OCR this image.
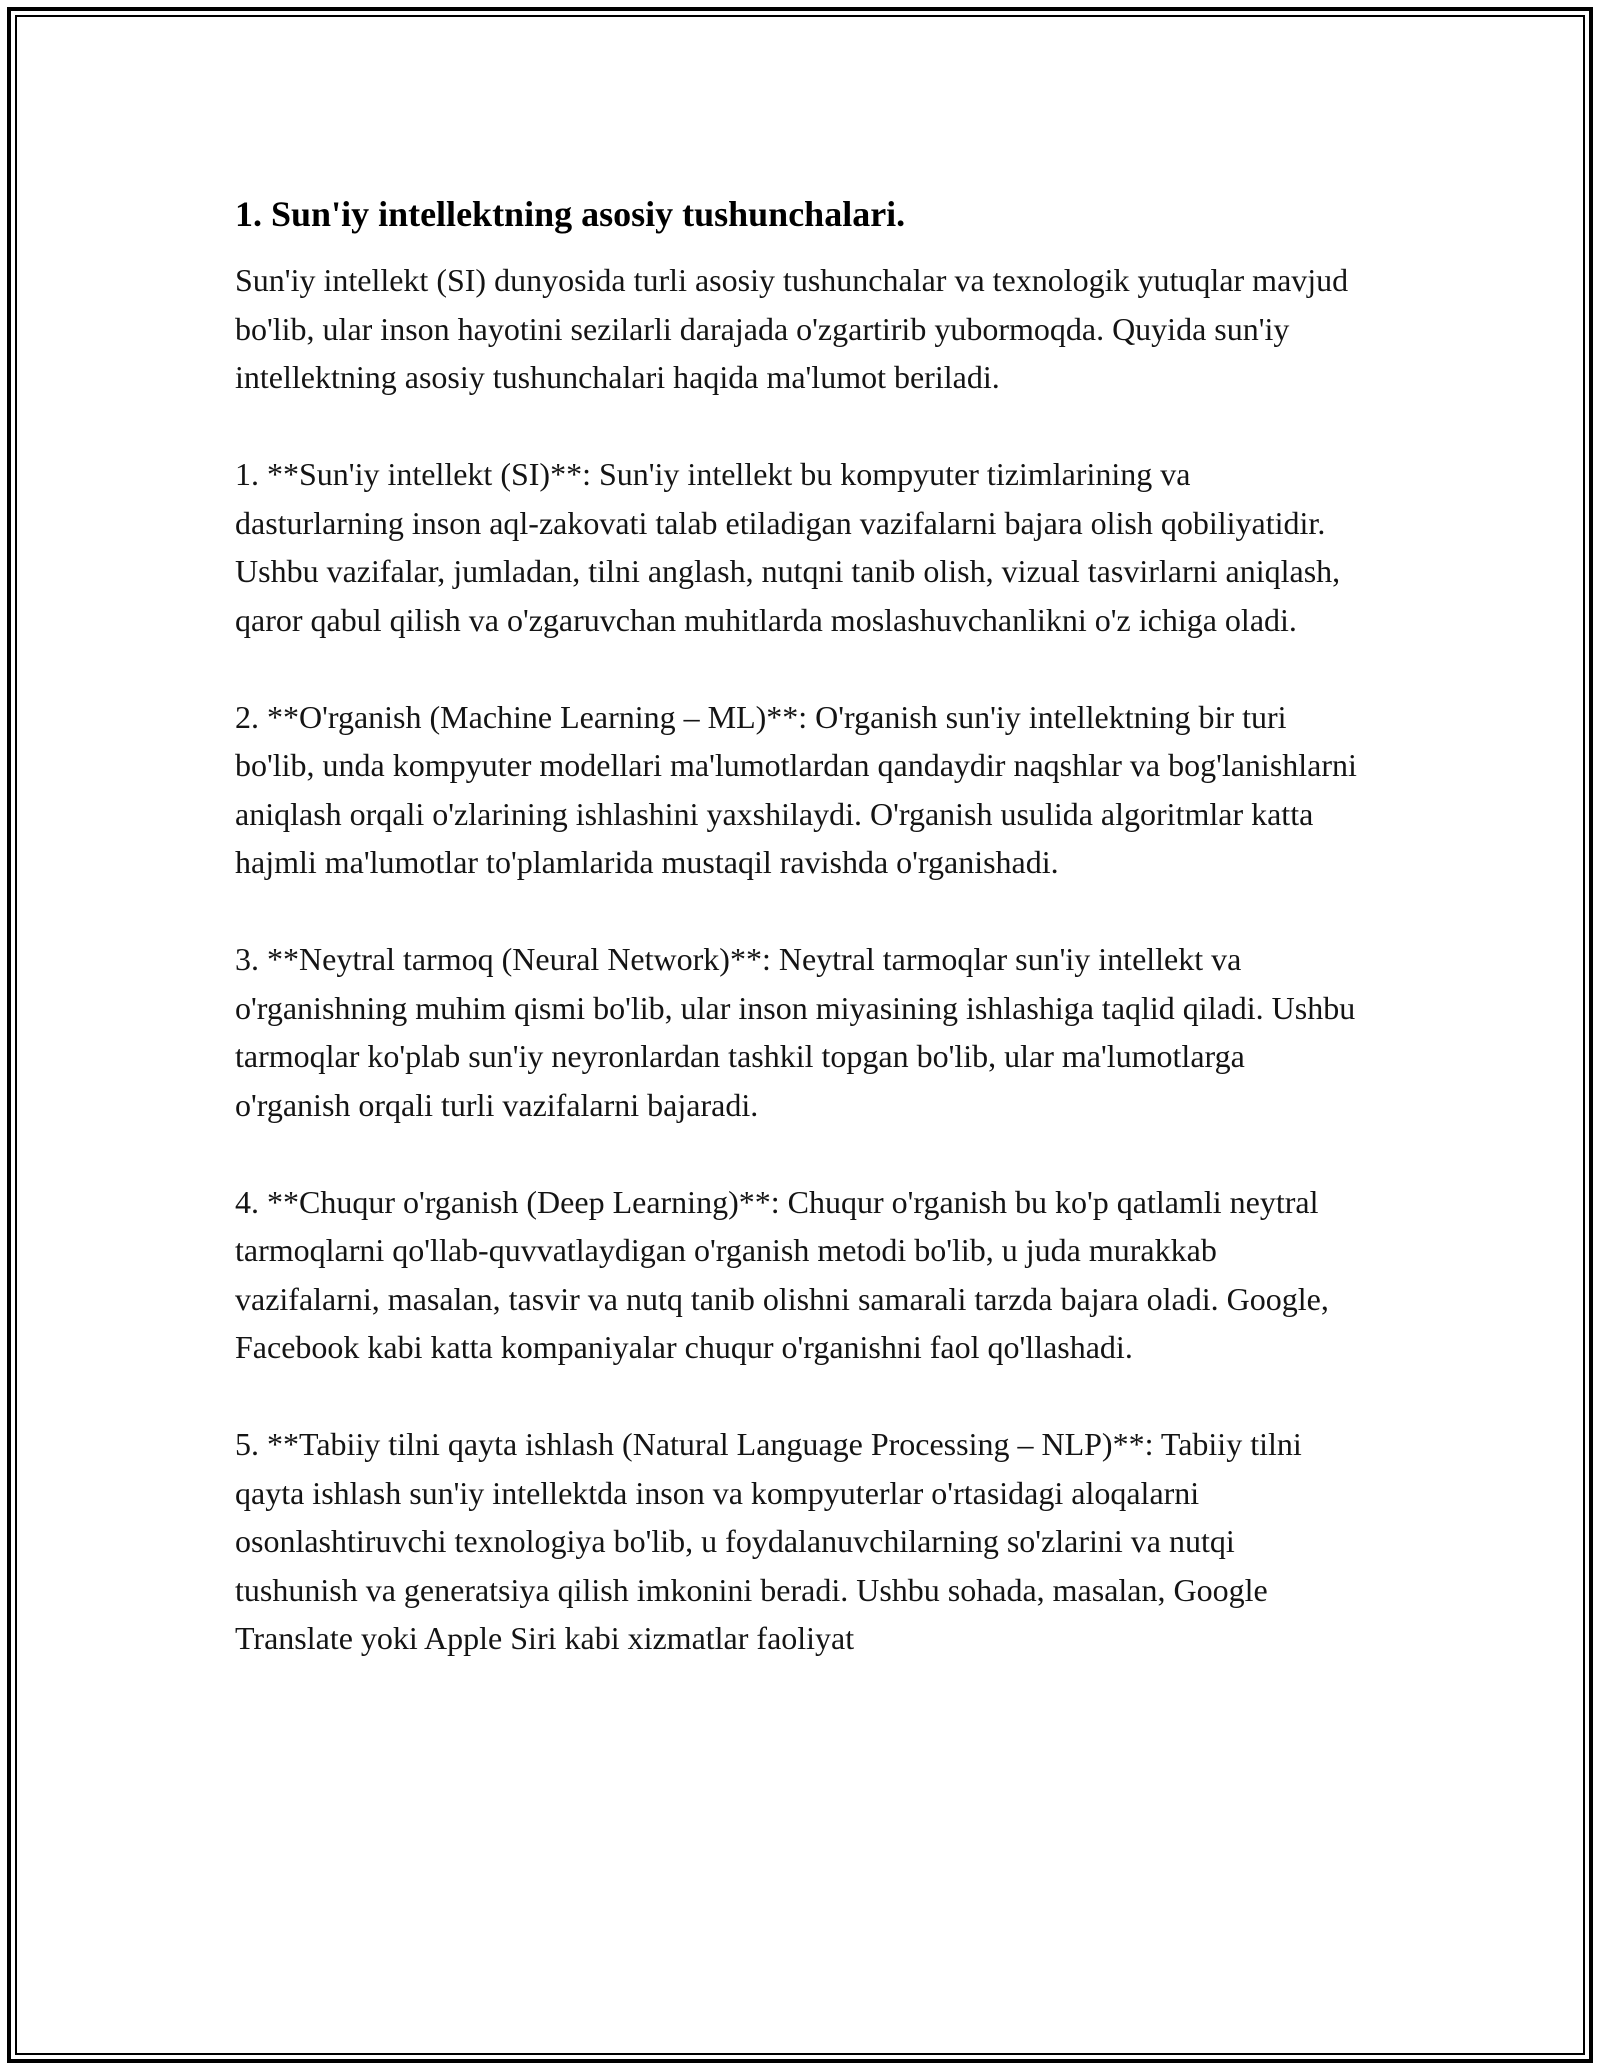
1. Sun'iy intellektning asosiy tushunchalari.

Sun'iy intellekt (SI) dunyosida turli asosiy tushunchalar va texnologik yutuqlar mavjud bo'lib, ular inson hayotini sezilarli darajada o'zgartirib yubormoqda. Quyida sun'iy intellektning asosiy tushunchalari haqida ma'lumot beriladi.

1. **Sun'iy intellekt (SI)**: Sun'iy intellekt bu kompyuter tizimlarining va dasturlarning inson aql-zakovati talab etiladigan vazifalarni bajara olish qobiliyatidir. Ushbu vazifalar, jumladan, tilni anglash, nutqni tanib olish, vizual tasvirlarni aniqlash, qaror qabul qilish va o'zgaruvchan muhitlarda moslashuvchanlikni o'z ichiga oladi.

2. **O'rganish (Machine Learning – ML)**: O'rganish sun'iy intellektning bir turi bo'lib, unda kompyuter modellari ma'lumotlardan qandaydir naqshlar va bog'lanishlarni aniqlash orqali o'zlarining ishlashini yaxshilaydi. O'rganish usulida algoritmlar katta hajmli ma'lumotlar to'plamlarida mustaqil ravishda o'rganishadi.

3. **Neytral tarmoq (Neural Network)**: Neytral tarmoqlar sun'iy intellekt va o'rganishning muhim qismi bo'lib, ular inson miyasining ishlashiga taqlid qiladi. Ushbu tarmoqlar ko'plab sun'iy neyronlardan tashkil topgan bo'lib, ular ma'lumotlarga o'rganish orqali turli vazifalarni bajaradi.

4. **Chuqur o'rganish (Deep Learning)**: Chuqur o'rganish bu ko'p qatlamli neytral tarmoqlarni qo'llab-quvvatlaydigan o'rganish metodi bo'lib, u juda murakkab vazifalarni, masalan, tasvir va nutq tanib olishni samarali tarzda bajara oladi. Google, Facebook kabi katta kompaniyalar chuqur o'rganishni faol qo'llashadi.

5. **Tabiiy tilni qayta ishlash (Natural Language Processing – NLP)**: Tabiiy tilni qayta ishlash sun'iy intellektda inson va kompyuterlar o'rtasidagi aloqalarni osonlashtiruvchi texnologiya bo'lib, u foydalanuvchilarning so'zlarini va nutqi tushunish va generatsiya qilish imkonini beradi. Ushbu sohada, masalan, Google Translate yoki Apple Siri kabi xizmatlar faoliyat
